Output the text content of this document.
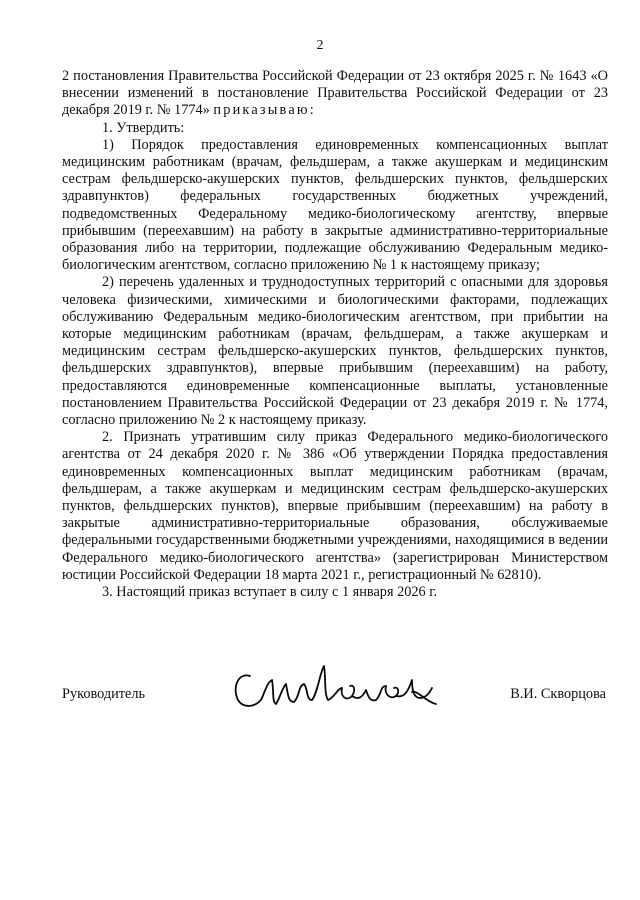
2

2 постановления Правительства Российской Федерации от 23 октября 2025 г. № 1643 «О внесении изменений в постановление Правительства Российской Федерации от 23 декабря 2019 г. № 1774» приказываю:

1. Утвердить:

1) Порядок предоставления единовременных компенсационных выплат медицинским работникам (врачам, фельдшерам, а также акушеркам и медицинским сестрам фельдшерско-акушерских пунктов, фельдшерских пунктов, фельдшерских здравпунктов) федеральных государственных бюджетных учреждений, подведомственных Федеральному медико-биологическому агентству, впервые прибывшим (переехавшим) на работу в закрытые административно-территориальные образования либо на территории, подлежащие обслуживанию Федеральным медико-биологическим агентством, согласно приложению № 1 к настоящему приказу;

2) перечень удаленных и труднодоступных территорий с опасными для здоровья человека физическими, химическими и биологическими факторами, подлежащих обслуживанию Федеральным медико-биологическим агентством, при прибытии на которые медицинским работникам (врачам, фельдшерам, а также акушеркам и медицинским сестрам фельдшерско-акушерских пунктов, фельдшерских пунктов, фельдшерских здравпунктов), впервые прибывшим (переехавшим) на работу, предоставляются единовременные компенсационные выплаты, установленные постановлением Правительства Российской Федерации от 23 декабря 2019 г. № 1774, согласно приложению № 2 к настоящему приказу.

2. Признать утратившим силу приказ Федерального медико-биологического агентства от 24 декабря 2020 г. № 386 «Об утверждении Порядка предоставления единовременных компенсационных выплат медицинским работникам (врачам, фельдшерам, а также акушеркам и медицинским сестрам фельдшерско-акушерских пунктов, фельдшерских пунктов), впервые прибывшим (переехавшим) на работу в закрытые административно-территориальные образования, обслуживаемые федеральными государственными бюджетными учреждениями, находящимися в ведении Федерального медико-биологического агентства» (зарегистрирован Министерством юстиции Российской Федерации 18 марта 2021 г., регистрационный № 62810).

3. Настоящий приказ вступает в силу с 1 января 2026 г.

Руководитель	В.И. Скворцова
